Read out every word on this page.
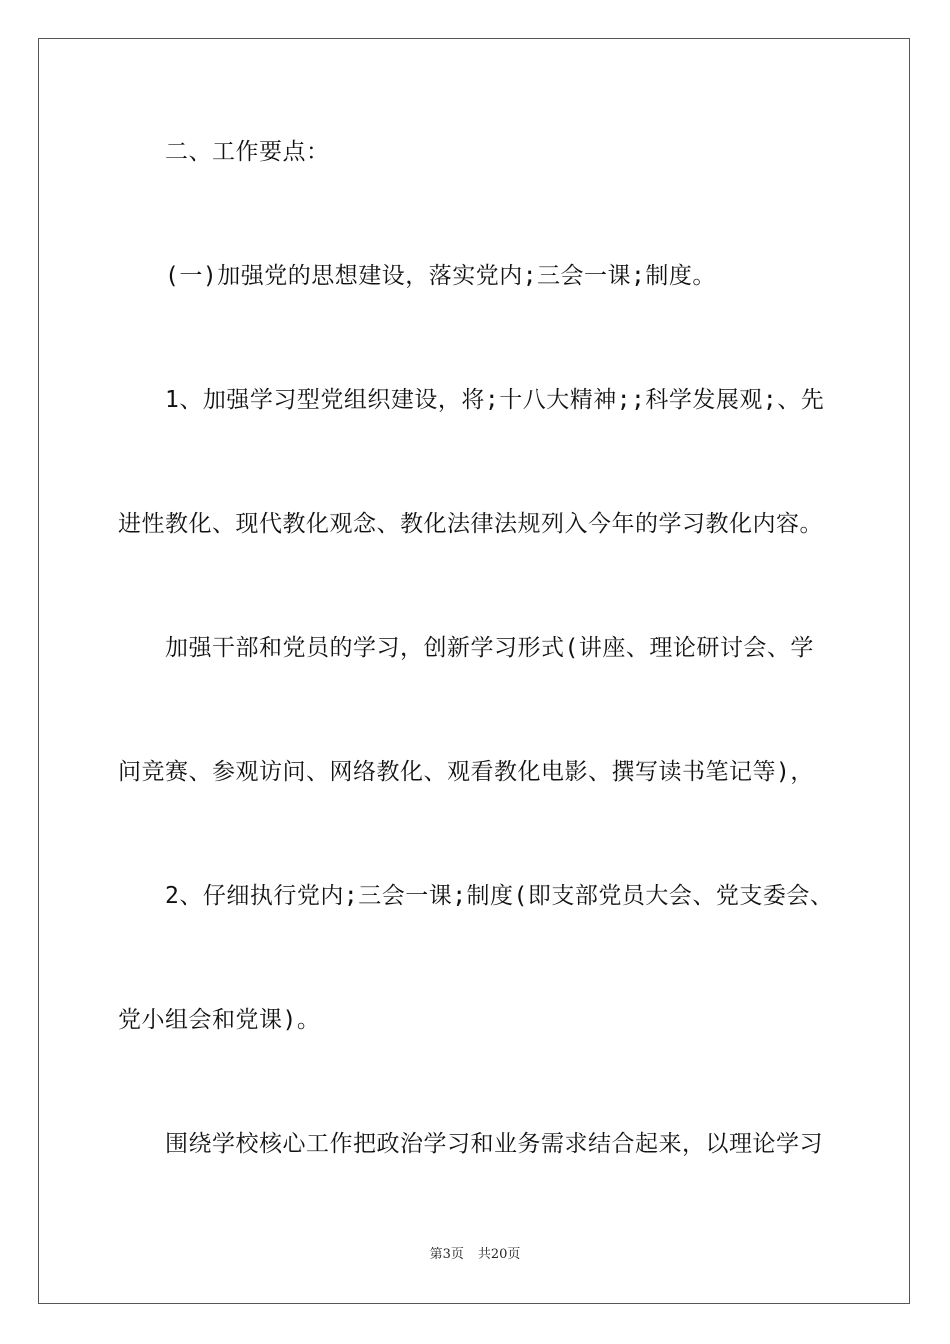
二、工作要点：
(一)加强党的思想建设，落实党内;三会一课;制度。
1、加强学习型党组织建设，将;十八大精神;;科学发展观;、先
进性教化、现代教化观念、教化法律法规列入今年的学习教化内容。
加强干部和党员的学习，创新学习形式(讲座、理论研讨会、学
问竞赛、参观访问、网络教化、观看教化电影、撰写读书笔记等)，
2、仔细执行党内;三会一课;制度(即支部党员大会、党支委会、
党小组会和党课)。
围绕学校核心工作把政治学习和业务需求结合起来，以理论学习
第3页 共20页
